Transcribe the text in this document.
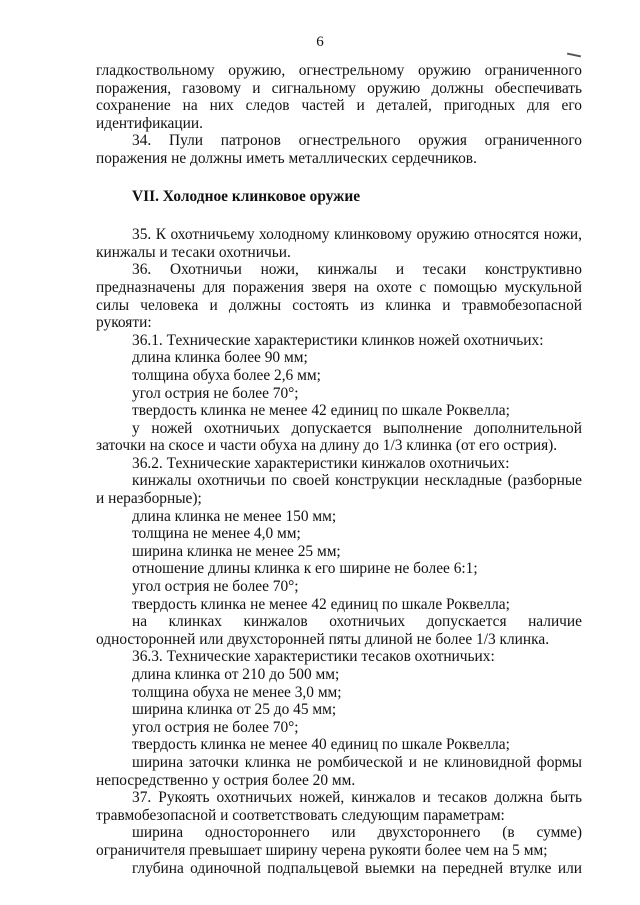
6

гладкоствольному оружию, огнестрельному оружию ограниченного поражения, газовому и сигнальному оружию должны обеспечивать сохранение на них следов частей и деталей, пригодных для его идентификации.

34. Пули патронов огнестрельного оружия ограниченного поражения не должны иметь металлических сердечников.

VII. Холодное клинковое оружие

35. К охотничьему холодному клинковому оружию относятся ножи, кинжалы и тесаки охотничьи.

36. Охотничьи ножи, кинжалы и тесаки конструктивно предназначены для поражения зверя на охоте с помощью мускульной силы человека и должны состоять из клинка и травмобезопасной рукояти:

36.1. Технические характеристики клинков ножей охотничьих:

длина клинка более 90 мм;

толщина обуха более 2,6 мм;

угол острия не более 70°;

твердость клинка не менее 42 единиц по шкале Роквелла;

у ножей охотничьих допускается выполнение дополнительной заточки на скосе и части обуха на длину до 1/3 клинка (от его острия).

36.2. Технические характеристики кинжалов охотничьих:

кинжалы охотничьи по своей конструкции нескладные (разборные и неразборные);

длина клинка не менее 150 мм;

толщина не менее 4,0 мм;

ширина клинка не менее 25 мм;

отношение длины клинка к его ширине не более 6:1;

угол острия не более 70°;

твердость клинка не менее 42 единиц по шкале Роквелла;

на клинках кинжалов охотничьих допускается наличие односторонней или двухсторонней пяты длиной не более 1/3 клинка.

36.3. Технические характеристики тесаков охотничьих:

длина клинка от 210 до 500 мм;

толщина обуха не менее 3,0 мм;

ширина клинка от 25 до 45 мм;

угол острия не более 70°;

твердость клинка не менее 40 единиц по шкале Роквелла;

ширина заточки клинка не ромбической и не клиновидной формы непосредственно у острия более 20 мм.

37. Рукоять охотничьих ножей, кинжалов и тесаков должна быть травмобезопасной и соответствовать следующим параметрам:

ширина одностороннего или двухстороннего (в сумме) ограничителя превышает ширину черена рукояти более чем на 5 мм;

глубина одиночной подпальцевой выемки на передней втулке или
